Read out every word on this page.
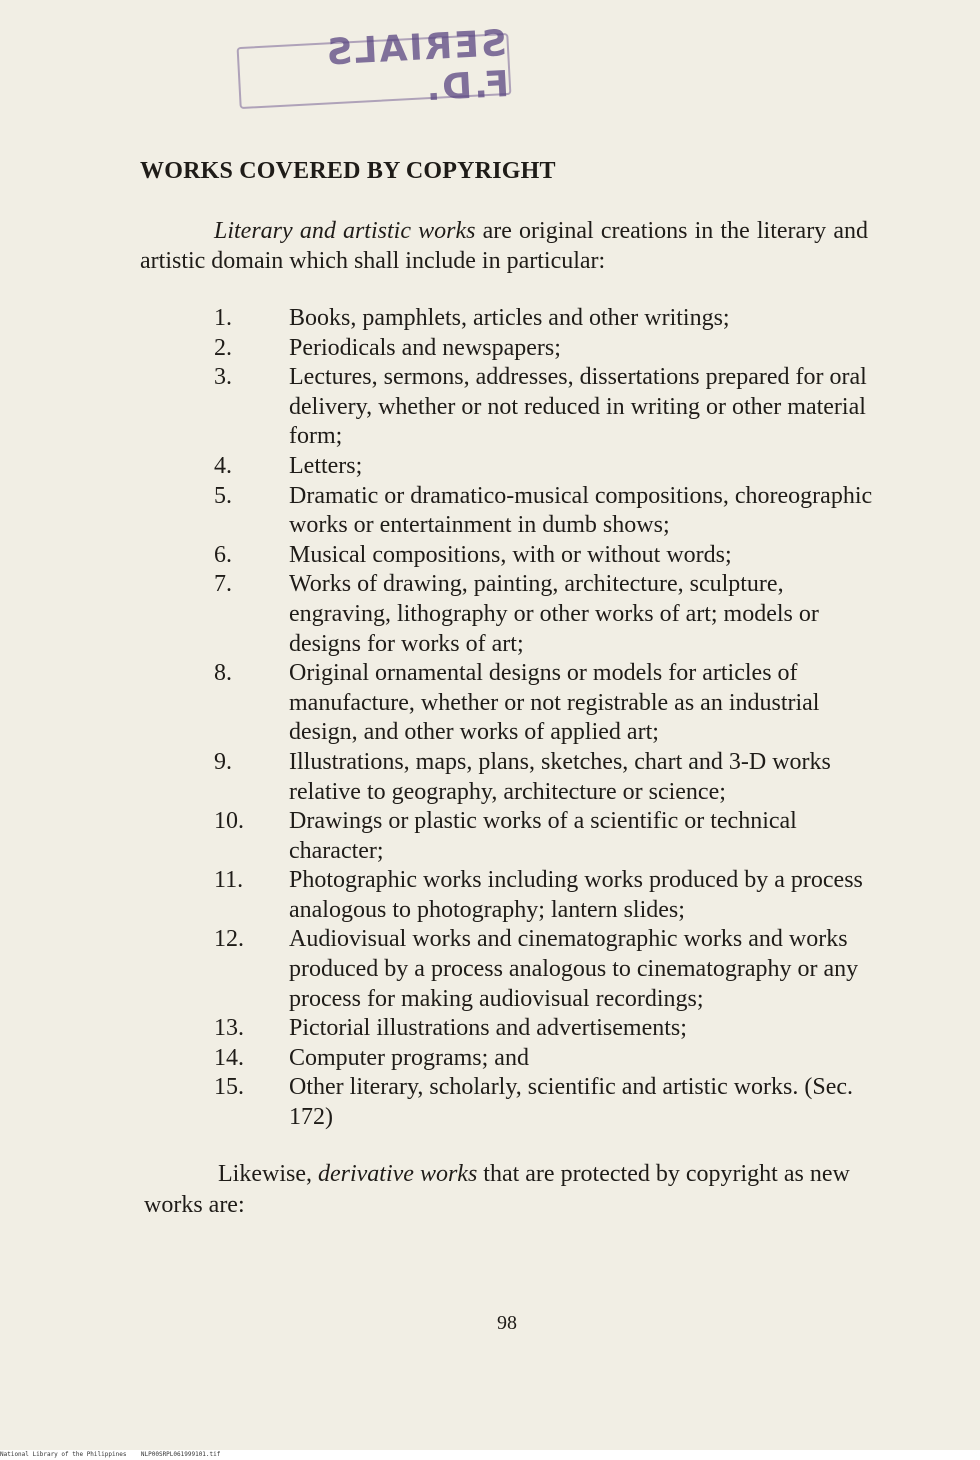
SERIALS F.D.
WORKS COVERED BY COPYRIGHT
Literary and artistic works are original creations in the literary and artistic domain which shall include in particular:
1.	Books, pamphlets, articles and other writings;
2.	Periodicals and newspapers;
3.	Lectures, sermons, addresses, dissertations prepared for oral delivery, whether or not reduced in writing or other material form;
4.	Letters;
5.	Dramatic or dramatico-musical compositions, choreographic works or entertainment in dumb shows;
6.	Musical compositions, with or without words;
7.	Works of drawing, painting, architecture, sculpture, engraving, lithography or other works of art; models or designs for works of art;
8.	Original ornamental designs or models for articles of manufacture, whether or not registrable as an industrial design, and other works of applied art;
9.	Illustrations, maps, plans, sketches, chart and 3-D works relative to geography, architecture or science;
10.	Drawings or plastic works of a scientific or technical character;
11.	Photographic works including works produced by a process analogous to photography; lantern slides;
12.	Audiovisual works and cinematographic works and works produced by a process analogous to cinematography or any process for making audiovisual recordings;
13.	Pictorial illustrations and advertisements;
14.	Computer programs; and
15.	Other literary, scholarly, scientific and artistic works. (Sec. 172)
Likewise, derivative works that are protected by copyright as new works are:
98
National Library of the Philippines NLP00SRPL061999101.tif
